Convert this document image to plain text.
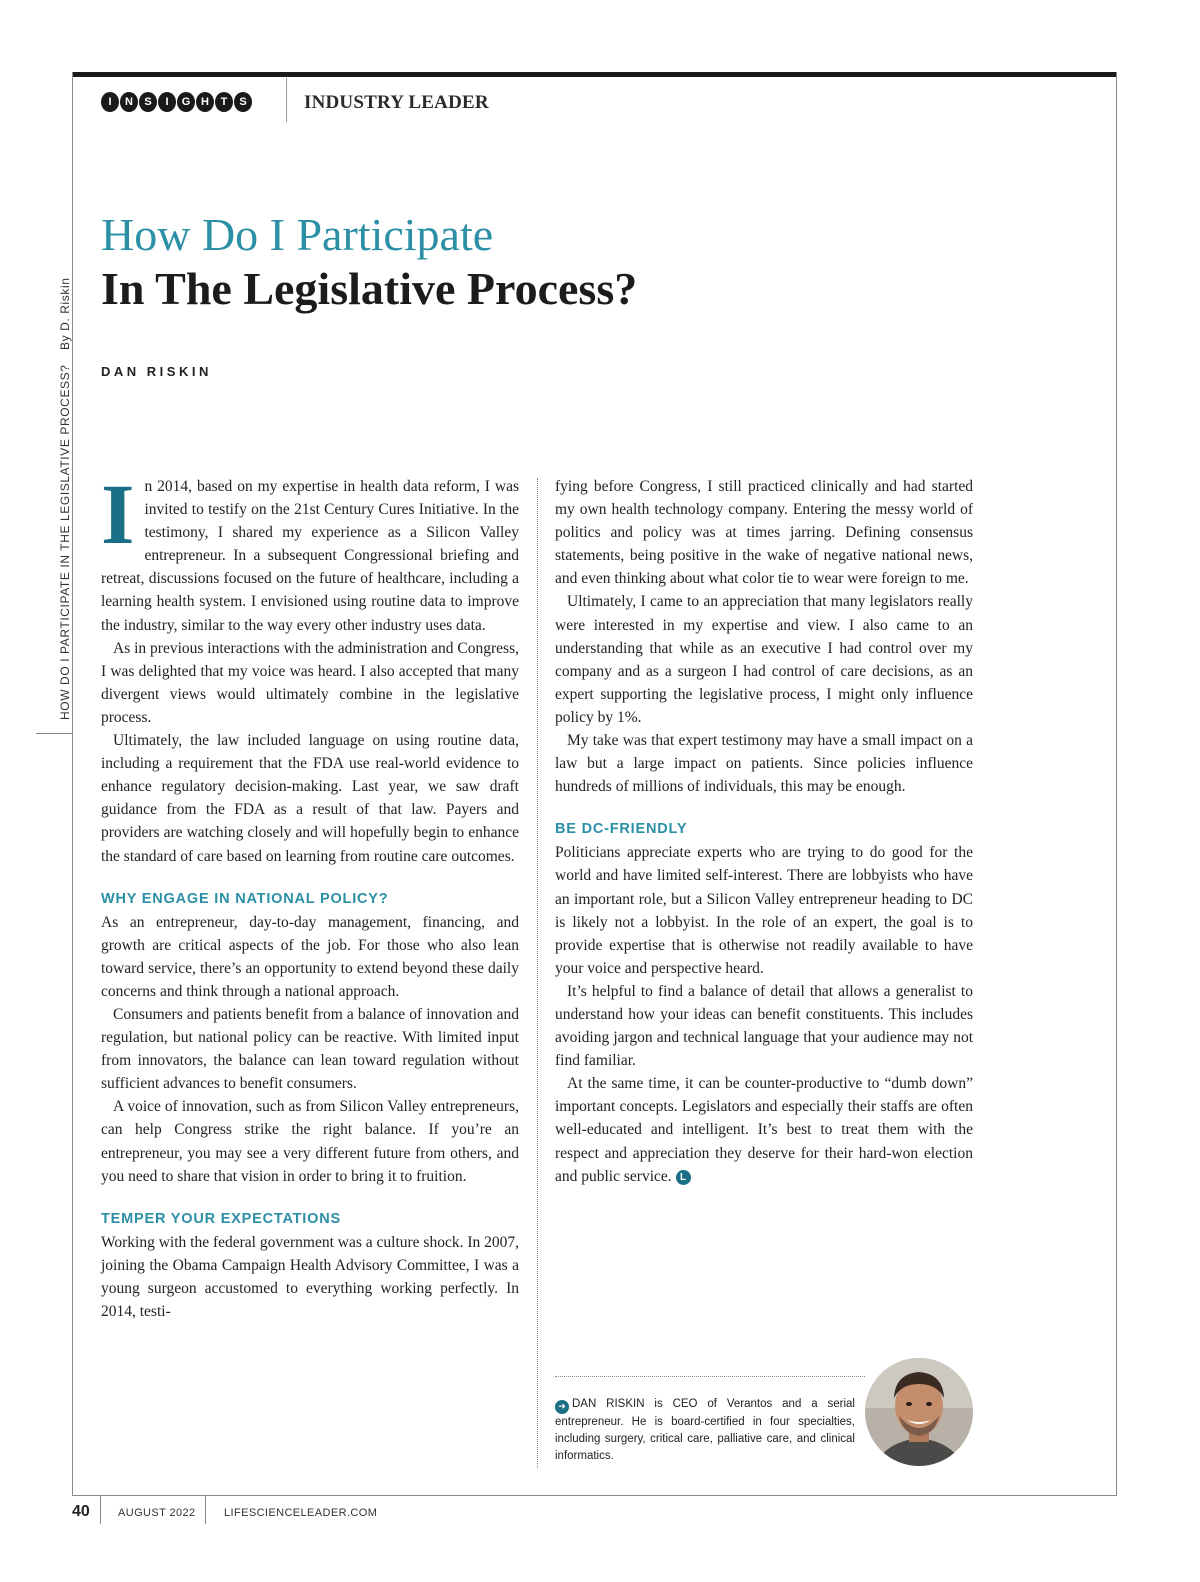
I	N	S	I	G H	T	S	INDUSTRY LEADER
By D. Riskin
HOW DO I PARTICIPATE IN THE LEGISLATIVE PROCESS?
How Do I Participate
In The Legislative Process?
DAN RISKIN

In 2014, based on my expertise in health data reform, I was invited to testify on the 21st Century Cures Initiative. In the testimony, I shared my experience as a Silicon Valley entrepreneur. In a subsequent Congressional briefing and retreat, discussions focused on the future of healthcare, including a learning health system. I envisioned using routine data to improve the industry, similar to the way every other industry uses data.

As in previous interactions with the administration and Congress, I was delighted that my voice was heard. I also accepted that many divergent views would ultimately combine in the legislative process.

Ultimately, the law included language on using routine data, including a requirement that the FDA use real-world evidence to enhance regulatory decision-making. Last year, we saw draft guidance from the FDA as a result of that law. Payers and providers are watching closely and will hopefully begin to enhance the standard of care based on learning from routine care outcomes.

WHY ENGAGE IN NATIONAL POLICY?

As an entrepreneur, day-to-day management, financing, and growth are critical aspects of the job. For those who also lean toward service, there’s an opportunity to extend beyond these daily concerns and think through a national approach.

Consumers and patients benefit from a balance of innovation and regulation, but national policy can be reactive. With limited input from innovators, the balance can lean toward regulation without sufficient advances to benefit consumers.

A voice of innovation, such as from Silicon Valley entrepreneurs, can help Congress strike the right balance. If you’re an entrepreneur, you may see a very different future from others, and you need to share that vision in order to bring it to fruition.

TEMPER YOUR EXPECTATIONS

Working with the federal government was a culture shock. In 2007, joining the Obama Campaign Health Advisory Committee, I was a young surgeon accustomed to everything working perfectly. In 2014, testi-

fying before Congress, I still practiced clinically and had started my own health technology company. Entering the messy world of politics and policy was at times jarring. Defining consensus statements, being positive in the wake of negative national news, and even thinking about what color tie to wear were foreign to me.

Ultimately, I came to an appreciation that many legislators really were interested in my expertise and view. I also came to an understanding that while as an executive I had control over my company and as a surgeon I had control of care decisions, as an expert supporting the legislative process, I might only influence policy by 1%.

My take was that expert testimony may have a small impact on a law but a large impact on patients. Since policies influence hundreds of millions of individuals, this may be enough.

BE DC-FRIENDLY

Politicians appreciate experts who are trying to do good for the world and have limited self-interest. There are lobbyists who have an important role, but a Silicon Valley entrepreneur heading to DC is likely not a lobbyist. In the role of an expert, the goal is to provide expertise that is otherwise not readily available to have your voice and perspective heard.

It’s helpful to find a balance of detail that allows a generalist to understand how your ideas can benefit constituents. This includes avoiding jargon and technical language that your audience may not find familiar.

At the same time, it can be counter-productive to “dumb down” important concepts. Legislators and especially their staffs are often well-educated and intelligent. It’s best to treat them with the respect and appreciation they deserve for their hard-won election and public service. L

➜ DAN RISKIN is CEO of Verantos and a serial entrepreneur. He is board-certified in four specialties, including surgery, critical care, palliative care, and clinical informatics.
40	AUGUST 2022	LIFESCIENCELEADER.COM
